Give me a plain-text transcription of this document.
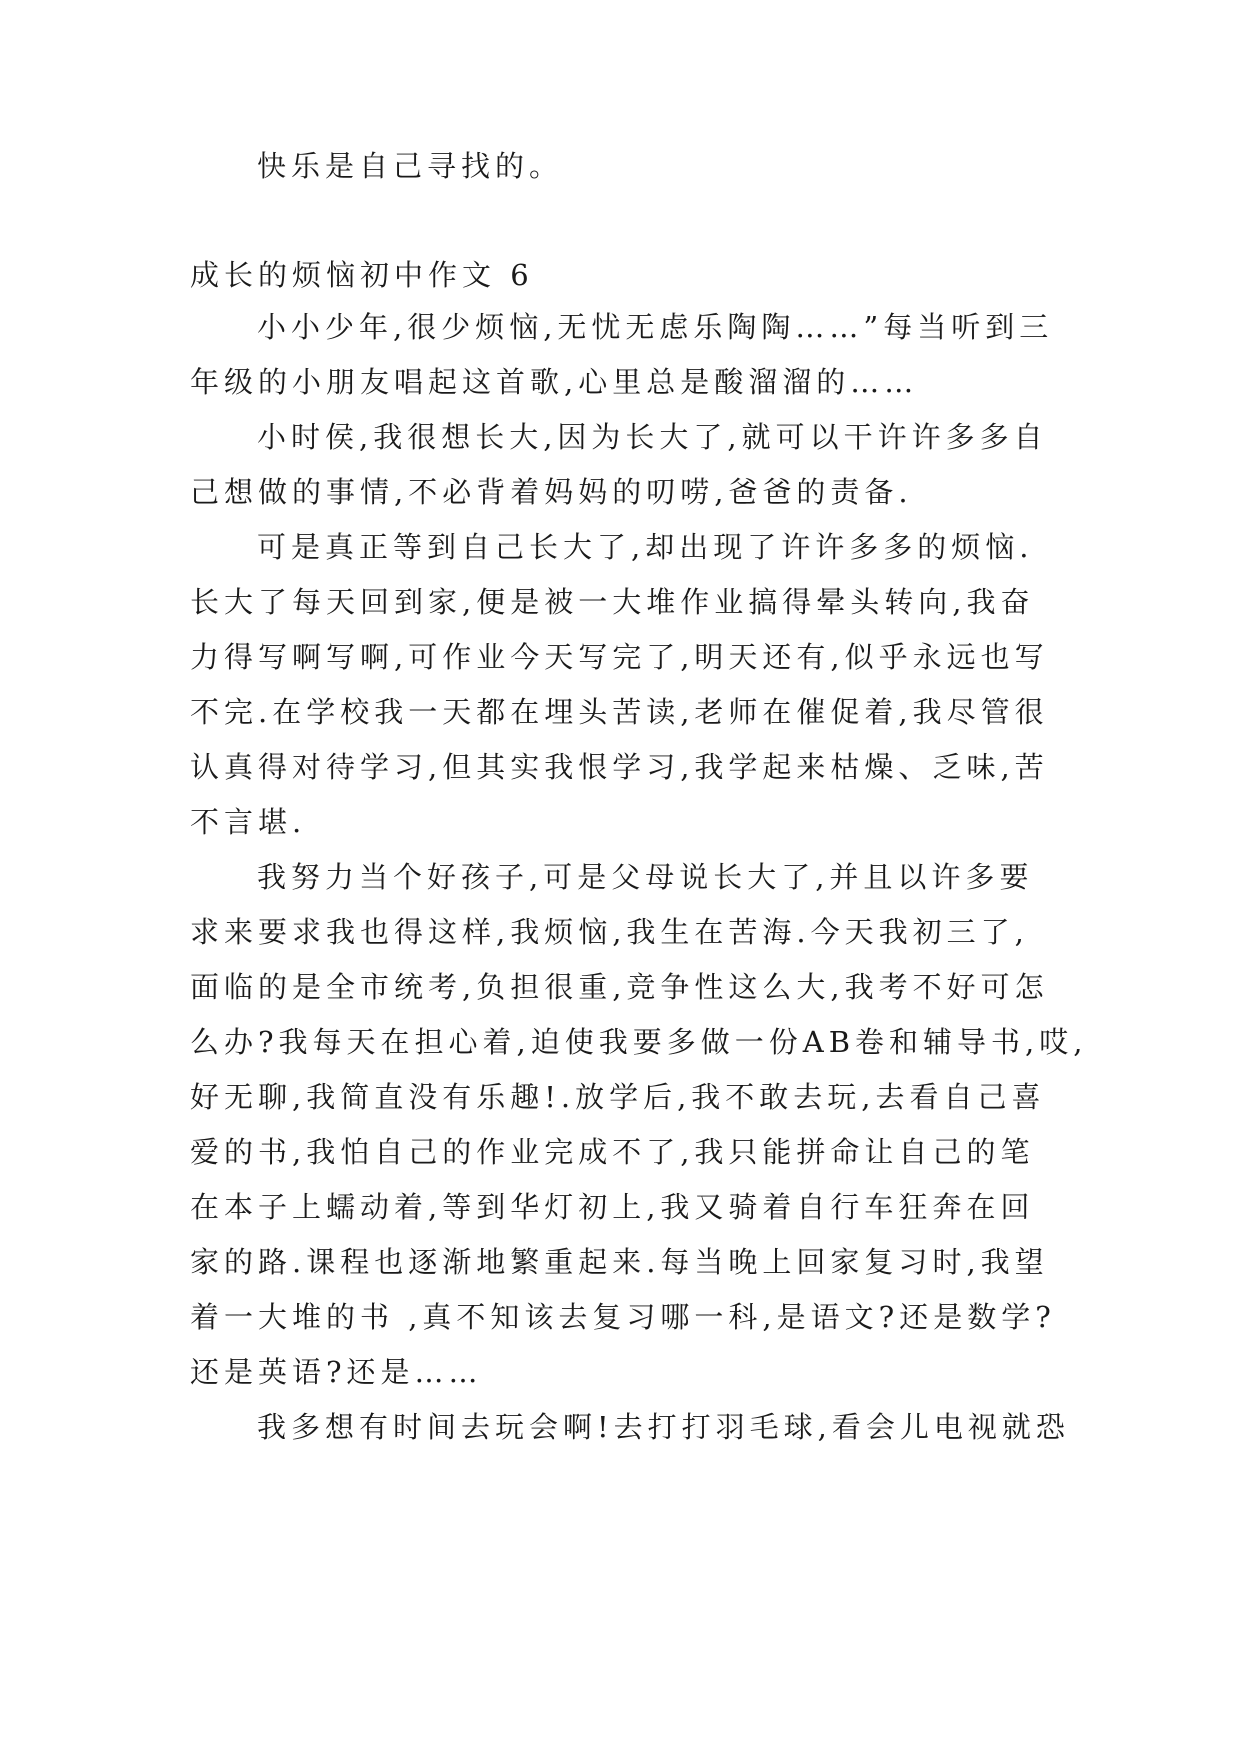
快乐是自己寻找的。
成长的烦恼初中作文 6
小小少年,很少烦恼,无忧无虑乐陶陶……”每当听到三
年级的小朋友唱起这首歌,心里总是酸溜溜的……
小时侯,我很想长大,因为长大了,就可以干许许多多自
己想做的事情,不必背着妈妈的叨唠,爸爸的责备.
可是真正等到自己长大了,却出现了许许多多的烦恼.
长大了每天回到家,便是被一大堆作业搞得晕头转向,我奋
力得写啊写啊,可作业今天写完了,明天还有,似乎永远也写
不完.在学校我一天都在埋头苦读,老师在催促着,我尽管很
认真得对待学习,但其实我恨学习,我学起来枯燥、乏味,苦
不言堪.
我努力当个好孩子,可是父母说长大了,并且以许多要
求来要求我也得这样,我烦恼,我生在苦海.今天我初三了,
面临的是全市统考,负担很重,竞争性这么大,我考不好可怎
么办?我每天在担心着,迫使我要多做一份AB卷和辅导书,哎,
好无聊,我简直没有乐趣!.放学后,我不敢去玩,去看自己喜
爱的书,我怕自己的作业完成不了,我只能拼命让自己的笔
在本子上蠕动着,等到华灯初上,我又骑着自行车狂奔在回
家的路.课程也逐渐地繁重起来.每当晚上回家复习时,我望
着一大堆的书 ,真不知该去复习哪一科,是语文?还是数学?
还是英语?还是……
我多想有时间去玩会啊!去打打羽毛球,看会儿电视就恐
